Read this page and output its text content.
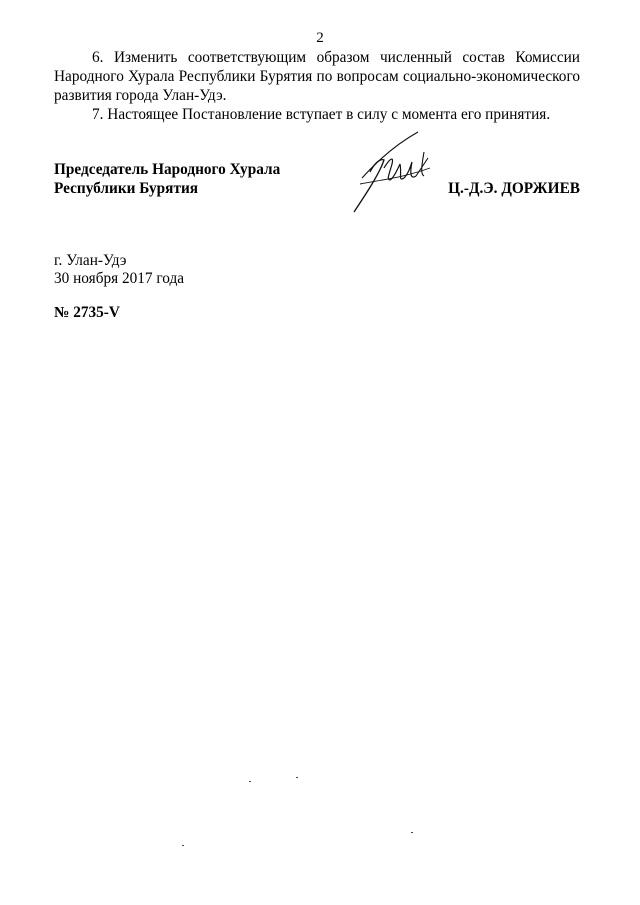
2

6. Изменить соответствующим образом численный состав Комиссии Народного Хурала Республики Бурятия по вопросам социально-экономического развития города Улан-Удэ.

7. Настоящее Постановление вступает в силу с момента его принятия.

Председатель Народного Хурала
Республики Бурятия	Ц.-Д.Э. ДОРЖИЕВ
г. Улан-Удэ
30 ноября 2017 года
№ 2735-V
